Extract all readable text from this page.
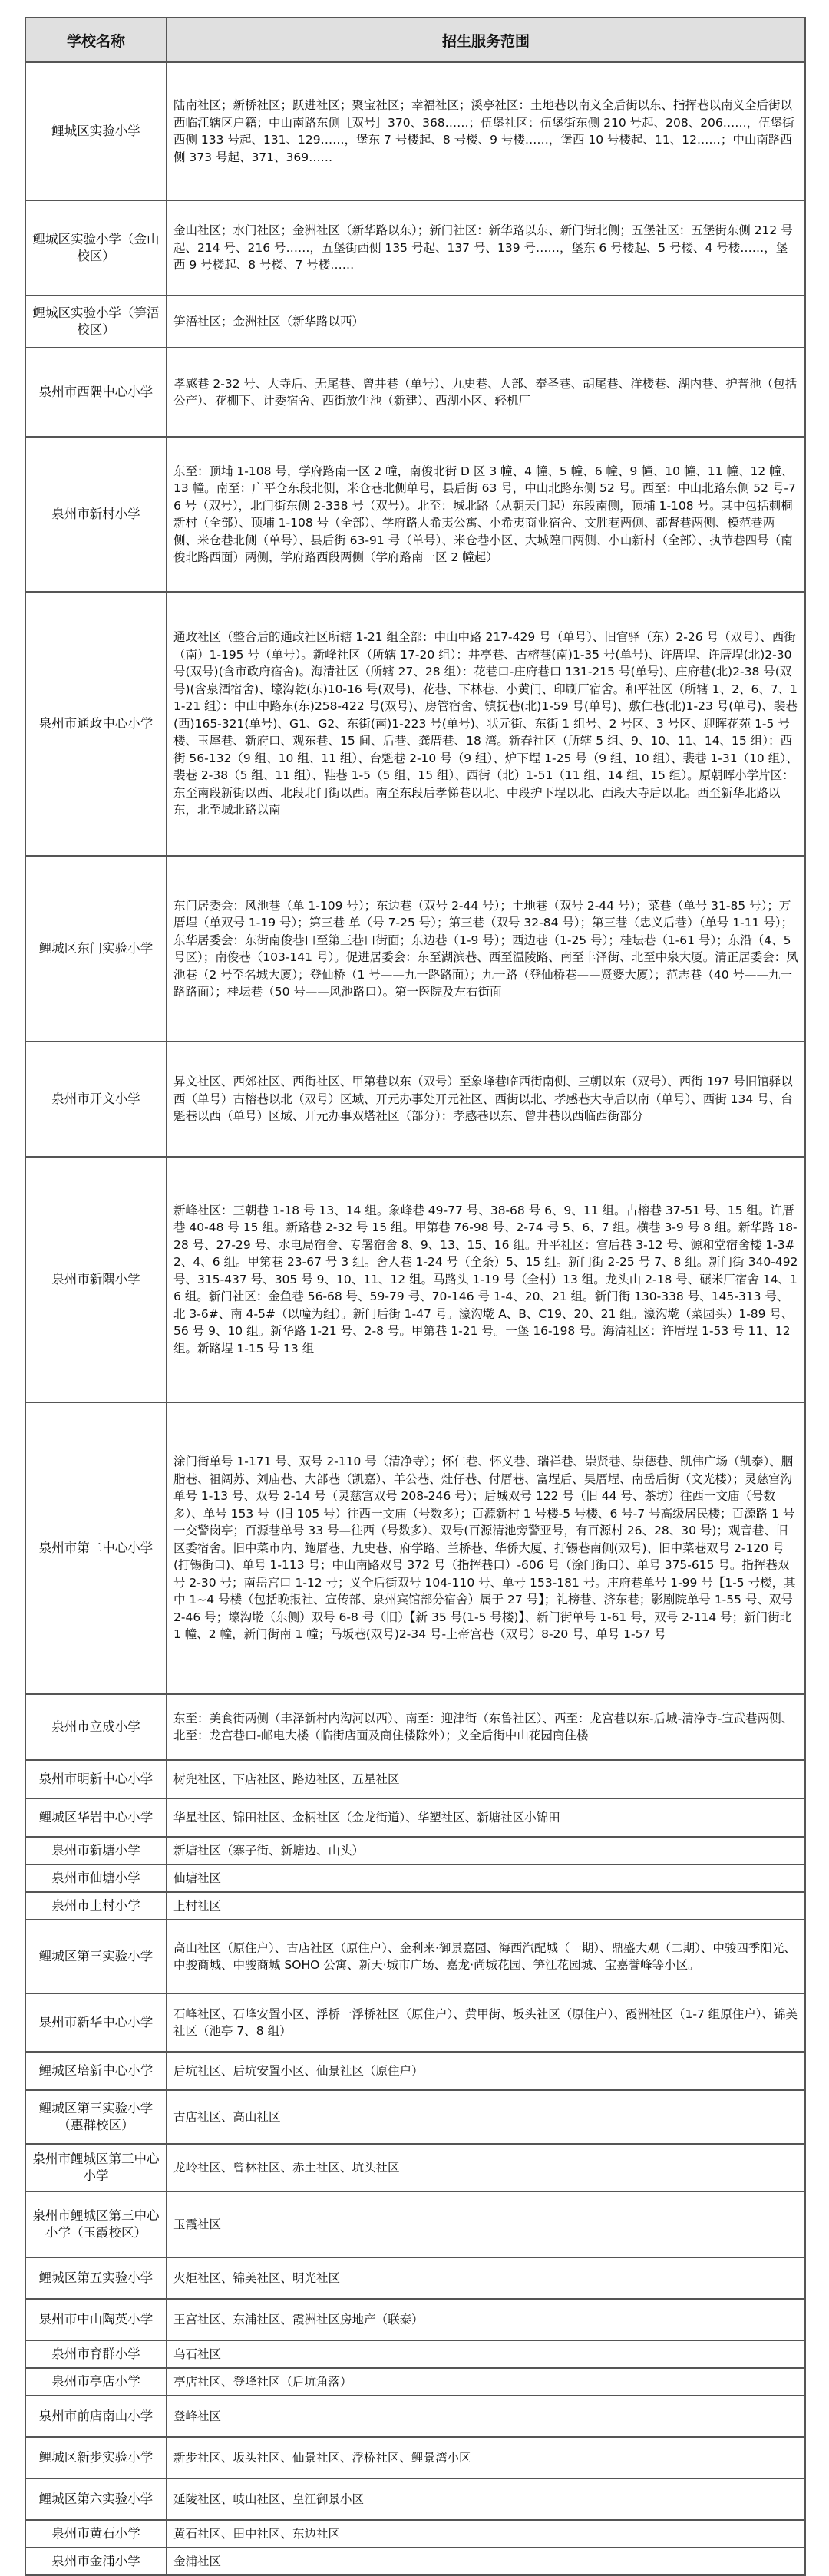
学校名称	招生服务范围
鲤城区实验小学	陆南社区；新桥社区；跃进社区；聚宝社区；幸福社区；溪亭社区：土地巷以南义全后街以东、指挥巷以南义全后街以西临江辖区户籍；中山南路东侧［双号］370、368……；伍堡社区：伍堡街东侧 210 号起、208、206……，伍堡街西侧 133 号起、131、129……，堡东 7 号楼起、8 号楼、9 号楼……，堡西 10 号楼起、11、12……；中山南路西侧 373 号起、371、369……
鲤城区实验小学（金山校区）	金山社区；水门社区；金洲社区（新华路以东）；新门社区：新华路以东、新门街北侧；五堡社区：五堡街东侧 212 号起、214 号、216 号……，五堡街西侧 135 号起、137 号、139 号……，堡东 6 号楼起、5 号楼、4 号楼……，堡西 9 号楼起、8 号楼、7 号楼……
鲤城区实验小学（笋浯校区）	笋浯社区；金洲社区（新华路以西）
泉州市西隅中心小学	孝感巷 2-32 号、大寺后、无尾巷、曾井巷（单号）、九史巷、大部、奉圣巷、胡尾巷、洋楼巷、湖内巷、护普池（包括公产）、花棚下、计委宿舍、西街放生池（新建）、西湖小区、轻机厂
泉州市新村小学	东至：顶埔 1-108 号，学府路南一区 2 幢，南俊北街 D 区 3 幢、4 幢、5 幢、6 幢、9 幢、10 幢、11 幢、12 幢、13 幢。南至：广平仓东段北侧，米仓巷北侧单号，县后街 63 号，中山北路东侧 52 号。西至：中山北路东侧 52 号-76 号（双号），北门街东侧 2-338 号（双号）。北至：城北路（从朝天门起）东段南侧，顶埔 1-108 号。其中包括刺桐新村（全部）、顶埔 1-108 号（全部）、学府路大希夷公寓、小希夷商业宿舍、文胜巷两侧、都督巷两侧、模范巷两侧、米仓巷北侧（单号）、县后街 63-91 号（单号）、米仓巷小区、大城隍口两侧、小山新村（全部）、执节巷四号（南俊北路西面）两侧，学府路西段两侧（学府路南一区 2 幢起）
泉州市通政中心小学	通政社区（整合后的通政社区所辖 1-21 组全部：中山中路 217-429 号（单号）、旧官驿（东）2-26 号（双号）、西街（南）1-195 号（单号）。新峰社区（所辖 17-20 组）：井亭巷、古榕巷(南)1-35 号(单号)、许厝埕、许厝埕(北)2-30 号(双号)(含市政府宿舍)。海清社区（所辖 27、28 组）：花巷口-庄府巷口 131-215 号(单号)、庄府巷(北)2-38 号(双号)(含泉酒宿舍)、壕沟乾(东)10-16 号(双号)、花巷、下林巷、小黄门、印刷厂宿舍。和平社区（所辖 1、2、6、7、11-21 组）：中山中路东(东)258-422 号(双号)、房管宿舍、镇抚巷(北)1-59 号(单号)、敷仁巷(北)1-23 号(单号)、裴巷(西)165-321(单号)、G1、G2、东街(南)1-223 号(单号)、状元街、东街 1 组号、2 号区、3 号区、迎晖花苑 1-5 号楼、玉犀巷、新府口、观东巷、15 间、后巷、龚厝巷、18 湾。新春社区（所辖 5 组、9、10、11、14、15 组）：西街 56-132（9 组、10 组、11 组）、台魁巷 2-10 号（9 组）、炉下埕 1-25 号（9 组、10 组）、裴巷 1-31（10 组）、裴巷 2-38（5 组、11 组）、鞋巷 1-5（5 组、15 组）、西街（北）1-51（11 组、14 组、15 组）。原朝晖小学片区：东至南段新街以西、北段北门街以西。南至东段后孝悌巷以北、中段护下埕以北、西段大寺后以北。西至新华北路以东，北至城北路以南
鲤城区东门实验小学	东门居委会：风池巷（单 1-109 号）；东边巷（双号 2-44 号）；土地巷（双号 2-44 号）；菜巷（单号 31-85 号）；万厝埕（单双号 1-19 号）；第三巷 单（号 7-25 号）；第三巷（双号 32-84 号）；第三巷（忠义后巷）（单号 1-11 号）；东华居委会：东街南俊巷口至第三巷口街面；东边巷（1-9 号）；西边巷（1-25 号）；桂坛巷（1-61 号）；东沿（4、5 号区）；南俊巷（103-141 号）。促进居委会：东至湖滨巷、西至温陵路、南至丰泽街、北至中泉大厦。清正居委会：凤池巷（2 号至名城大厦）；登仙桥（1 号——九一路路面）；九一路（登仙桥巷——贤婆大厦）；范志巷（40 号——九一路路面）；桂坛巷（50 号——风池路口）。第一医院及左右街面
泉州市开文小学	昇文社区、西郊社区、西街社区、甲第巷以东（双号）至象峰巷临西街南侧、三朝以东（双号）、西街 197 号旧馆驿以西（单号）古榕巷以北（双号）区域、开元办事处开元社区、西街以北、孝感巷大寺后以南（单号）、西街 134 号、台魁巷以西（单号）区域、开元办事双塔社区（部分）：孝感巷以东、曾井巷以西临西街部分
泉州市新隅小学	新峰社区：三朝巷 1-18 号 13、14 组。象峰巷 49-77 号、38-68 号 6、9、11 组。古榕巷 37-51 号、15 组。许厝巷 40-48 号 15 组。新路巷 2-32 号 15 组。甲第巷 76-98 号、2-74 号 5、6、7 组。横巷 3-9 号 8 组。新华路 18-28 号、27-29 号、水电局宿舍、专署宿舍 8、9、13、15、16 组。升平社区：宫后巷 3-12 号、源和堂宿舍楼 1-3#2、4、6 组。甲第巷 23-67 号 3 组。舍人巷 1-24 号（全条）5、15 组。新门街 2-25 号 7、8 组。新门街 340-492 号、315-437 号、305 号 9、10、11、12 组。马路头 1-19 号（全村）13 组。龙头山 2-18 号、碾米厂宿舍 14、16 组。新门社区：金鱼巷 56-68 号、59-79 号、70-146 号 1-4、20、21 组。新门街 130-338 号、145-313 号、北 3-6#、南 4-5#（以幢为组）。新门后街 1-47 号。濠沟墘 A、B、C19、20、21 组。濠沟墘（菜园头）1-89 号、56 号 9、10 组。新华路 1-21 号、2-8 号。甲第巷 1-21 号。一堡 16-198 号。海清社区：许厝埕 1-53 号 11、12 组。新路埕 1-15 号 13 组
泉州市第二中心小学	涂门街单号 1-171 号、双号 2-110 号（清净寺）；怀仁巷、怀义巷、瑞祥巷、崇贤巷、崇德巷、凯伟广场（凯泰）、胭脂巷、祖阔苏、刘庙巷、大部巷（凯嘉）、羊公巷、灶仔巷、付厝巷、富埕后、吴厝埕、南岳后街（文光楼）；灵慈宫沟单号 1-13 号、双号 2-14 号（灵慈宫双号 208-246 号）；后城双号 122 号（旧 44 号、茶坊）往西一文庙（号数多）、单号 153 号（旧 105 号）往西一文庙（号数多）；百源新村 1 号楼-5 号楼、6 号-7 号高级居民楼；百源路 1 号一交警岗亭；百源巷单号 33 号—往西（号数多）、双号(百源清池旁警亚号，有百源村 26、28、30 号)；观音巷、旧区委宿舍。旧中菜市内、鲍厝巷、九史巷、府学路、兰桥巷、华侨大厦、打锡巷南侧(双号)、旧中菜巷双号 2-120 号(打锡街口)、单号 1-113 号；中山南路双号 372 号（指挥巷口）-606 号（涂门街口）、单号 375-615 号。指挥巷双号 2-30 号；南岳宫口 1-12 号；义全后街双号 104-110 号、单号 153-181 号。庄府巷单号 1-99 号【1-5 号楼，其中 1~4 号楼（包括晚报社、宣传部、泉州宾馆部分宿舍）属于 27 号】；礼榜巷、济东巷；影剧院单号 1-55 号、双号 2-46 号；壕沟墘（东侧）双号 6-8 号（旧）【新 35 号(1-5 号楼)】、新门街单号 1-61 号，双号 2-114 号；新门街北 1 幢、2 幢，新门街南 1 幢；马坂巷(双号)2-34 号-上帝宫巷（双号）8-20 号、单号 1-57 号
泉州市立成小学	东至：美食街两侧（丰泽新村内沟河以西）、南至：迎津街（东鲁社区）、西至：龙宫巷以东-后城-清净寺-宣武巷两侧、北至：龙宫巷口-邮电大楼（临街店面及商住楼除外）；义全后街中山花园商住楼
泉州市明新中心小学	树兜社区、下店社区、路边社区、五星社区
鲤城区华岩中心小学	华星社区、锦田社区、金柄社区（金龙街道）、华塑社区、新塘社区小锦田
泉州市新塘小学	新塘社区（寨子街、新塘边、山头）
泉州市仙塘小学	仙塘社区
泉州市上村小学	上村社区
鲤城区第三实验小学	高山社区（原住户）、古店社区（原住户）、金利来·御景嘉园、海西汽配城（一期）、鼎盛大观（二期）、中骏四季阳光、中骏商城、中骏商城 SOHO 公寓、新天·城市广场、嘉龙·尚城花园、笋江花园城、宝嘉誉峰等小区。
泉州市新华中心小学	石峰社区、石峰安置小区、浮桥一浮桥社区（原住户）、黄甲街、坂头社区（原住户）、霞洲社区（1-7 组原住户）、锦美社区（池亭 7、8 组）
鲤城区培新中心小学	后坑社区、后坑安置小区、仙景社区（原住户）
鲤城区第三实验小学（惠群校区）	古店社区、高山社区
泉州市鲤城区第三中心小学	龙岭社区、曾林社区、赤土社区、坑头社区
泉州市鲤城区第三中心小学（玉霞校区）	玉霞社区
鲤城区第五实验小学	火炬社区、锦美社区、明光社区
泉州市中山陶英小学	王宫社区、东浦社区、霞洲社区房地产（联泰）
泉州市育群小学	乌石社区
泉州市亭店小学	亭店社区、登峰社区（后坑角落）
泉州市前店南山小学	登峰社区
鲤城区新步实验小学	新步社区、坂头社区、仙景社区、浮桥社区、鲤景湾小区
鲤城区第六实验小学	延陵社区、岐山社区、皇江御景小区
泉州市黄石小学	黄石社区、田中社区、东边社区
泉州市金浦小学	金浦社区
